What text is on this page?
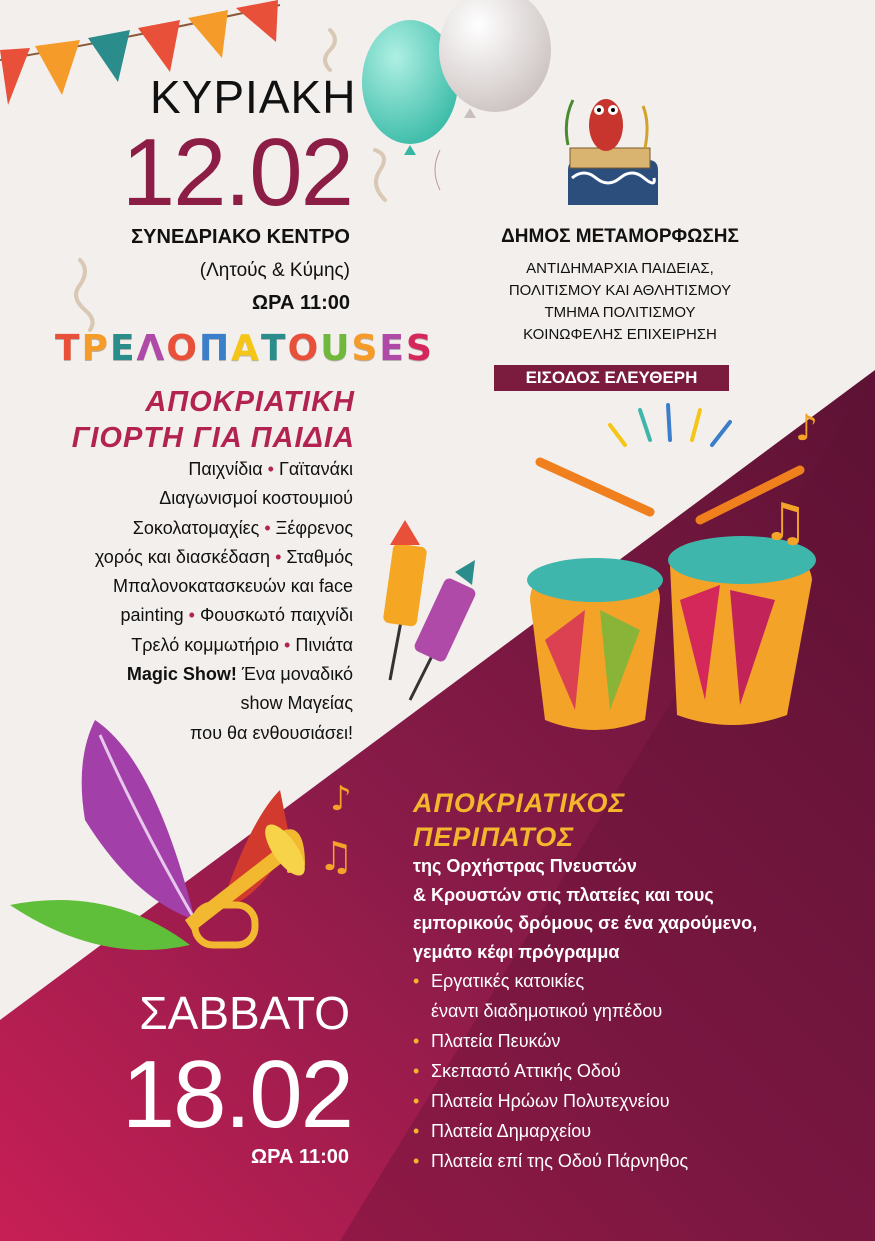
♪
♫
♪
♫
ΚΥΡΙΑΚΗ
12.02
ΣΥΝΕΔΡΙΑΚΟ ΚΕΝΤΡΟ
(Λητούς & Κύμης)
ΩΡΑ 11:00
ΤΡΕΛΟΠΑΤΟUSES
ΑΠΟΚΡΙΑΤΙΚΗ
ΓΙΟΡΤΗ ΓΙΑ ΠΑΙΔΙΑ
Παιχνίδια • Γαϊτανάκι
Διαγωνισμοί κοστουμιού
Σοκολατομαχίες • Ξέφρενος
χορός και διασκέδαση • Σταθμός
Μπαλονοκατασκευών και face
painting • Φουσκωτό παιχνίδι
Τρελό κομμωτήριο • Πινιάτα
Magic Show! Ένα μοναδικό
show Μαγείας
που θα ενθουσιάσει!
ΔΗΜΟΣ ΜΕΤΑΜΟΡΦΩΣΗΣ
ΑΝΤΙΔΗΜΑΡΧΙΑ ΠΑΙΔΕΙΑΣ,
ΠΟΛΙΤΙΣΜΟΥ ΚΑΙ ΑΘΛΗΤΙΣΜΟΥ
ΤΜΗΜΑ ΠΟΛΙΤΙΣΜΟΥ
ΚΟΙΝΩΦΕΛΗΣ ΕΠΙΧΕΙΡΗΣΗ
ΕΙΣΟΔΟΣ ΕΛΕΥΘΕΡΗ
ΑΠΟΚΡΙΑΤΙΚΟΣ
ΠΕΡΙΠΑΤΟΣ
της Ορχήστρας Πνευστών
& Κρουστών στις πλατείες και τους
εμπορικούς δρόμους σε ένα χαρούμενο,
γεμάτο κέφι πρόγραμμα
• Εργατικές κατοικίες
έναντι διαδημοτικού γηπέδου
• Πλατεία Πευκών
• Σκεπαστό Αττικής Οδού
• Πλατεία Ηρώων Πολυτεχνείου
• Πλατεία Δημαρχείου
• Πλατεία επί της Οδού Πάρνηθος
ΣΑΒΒΑΤΟ
18.02
ΩΡΑ 11:00
